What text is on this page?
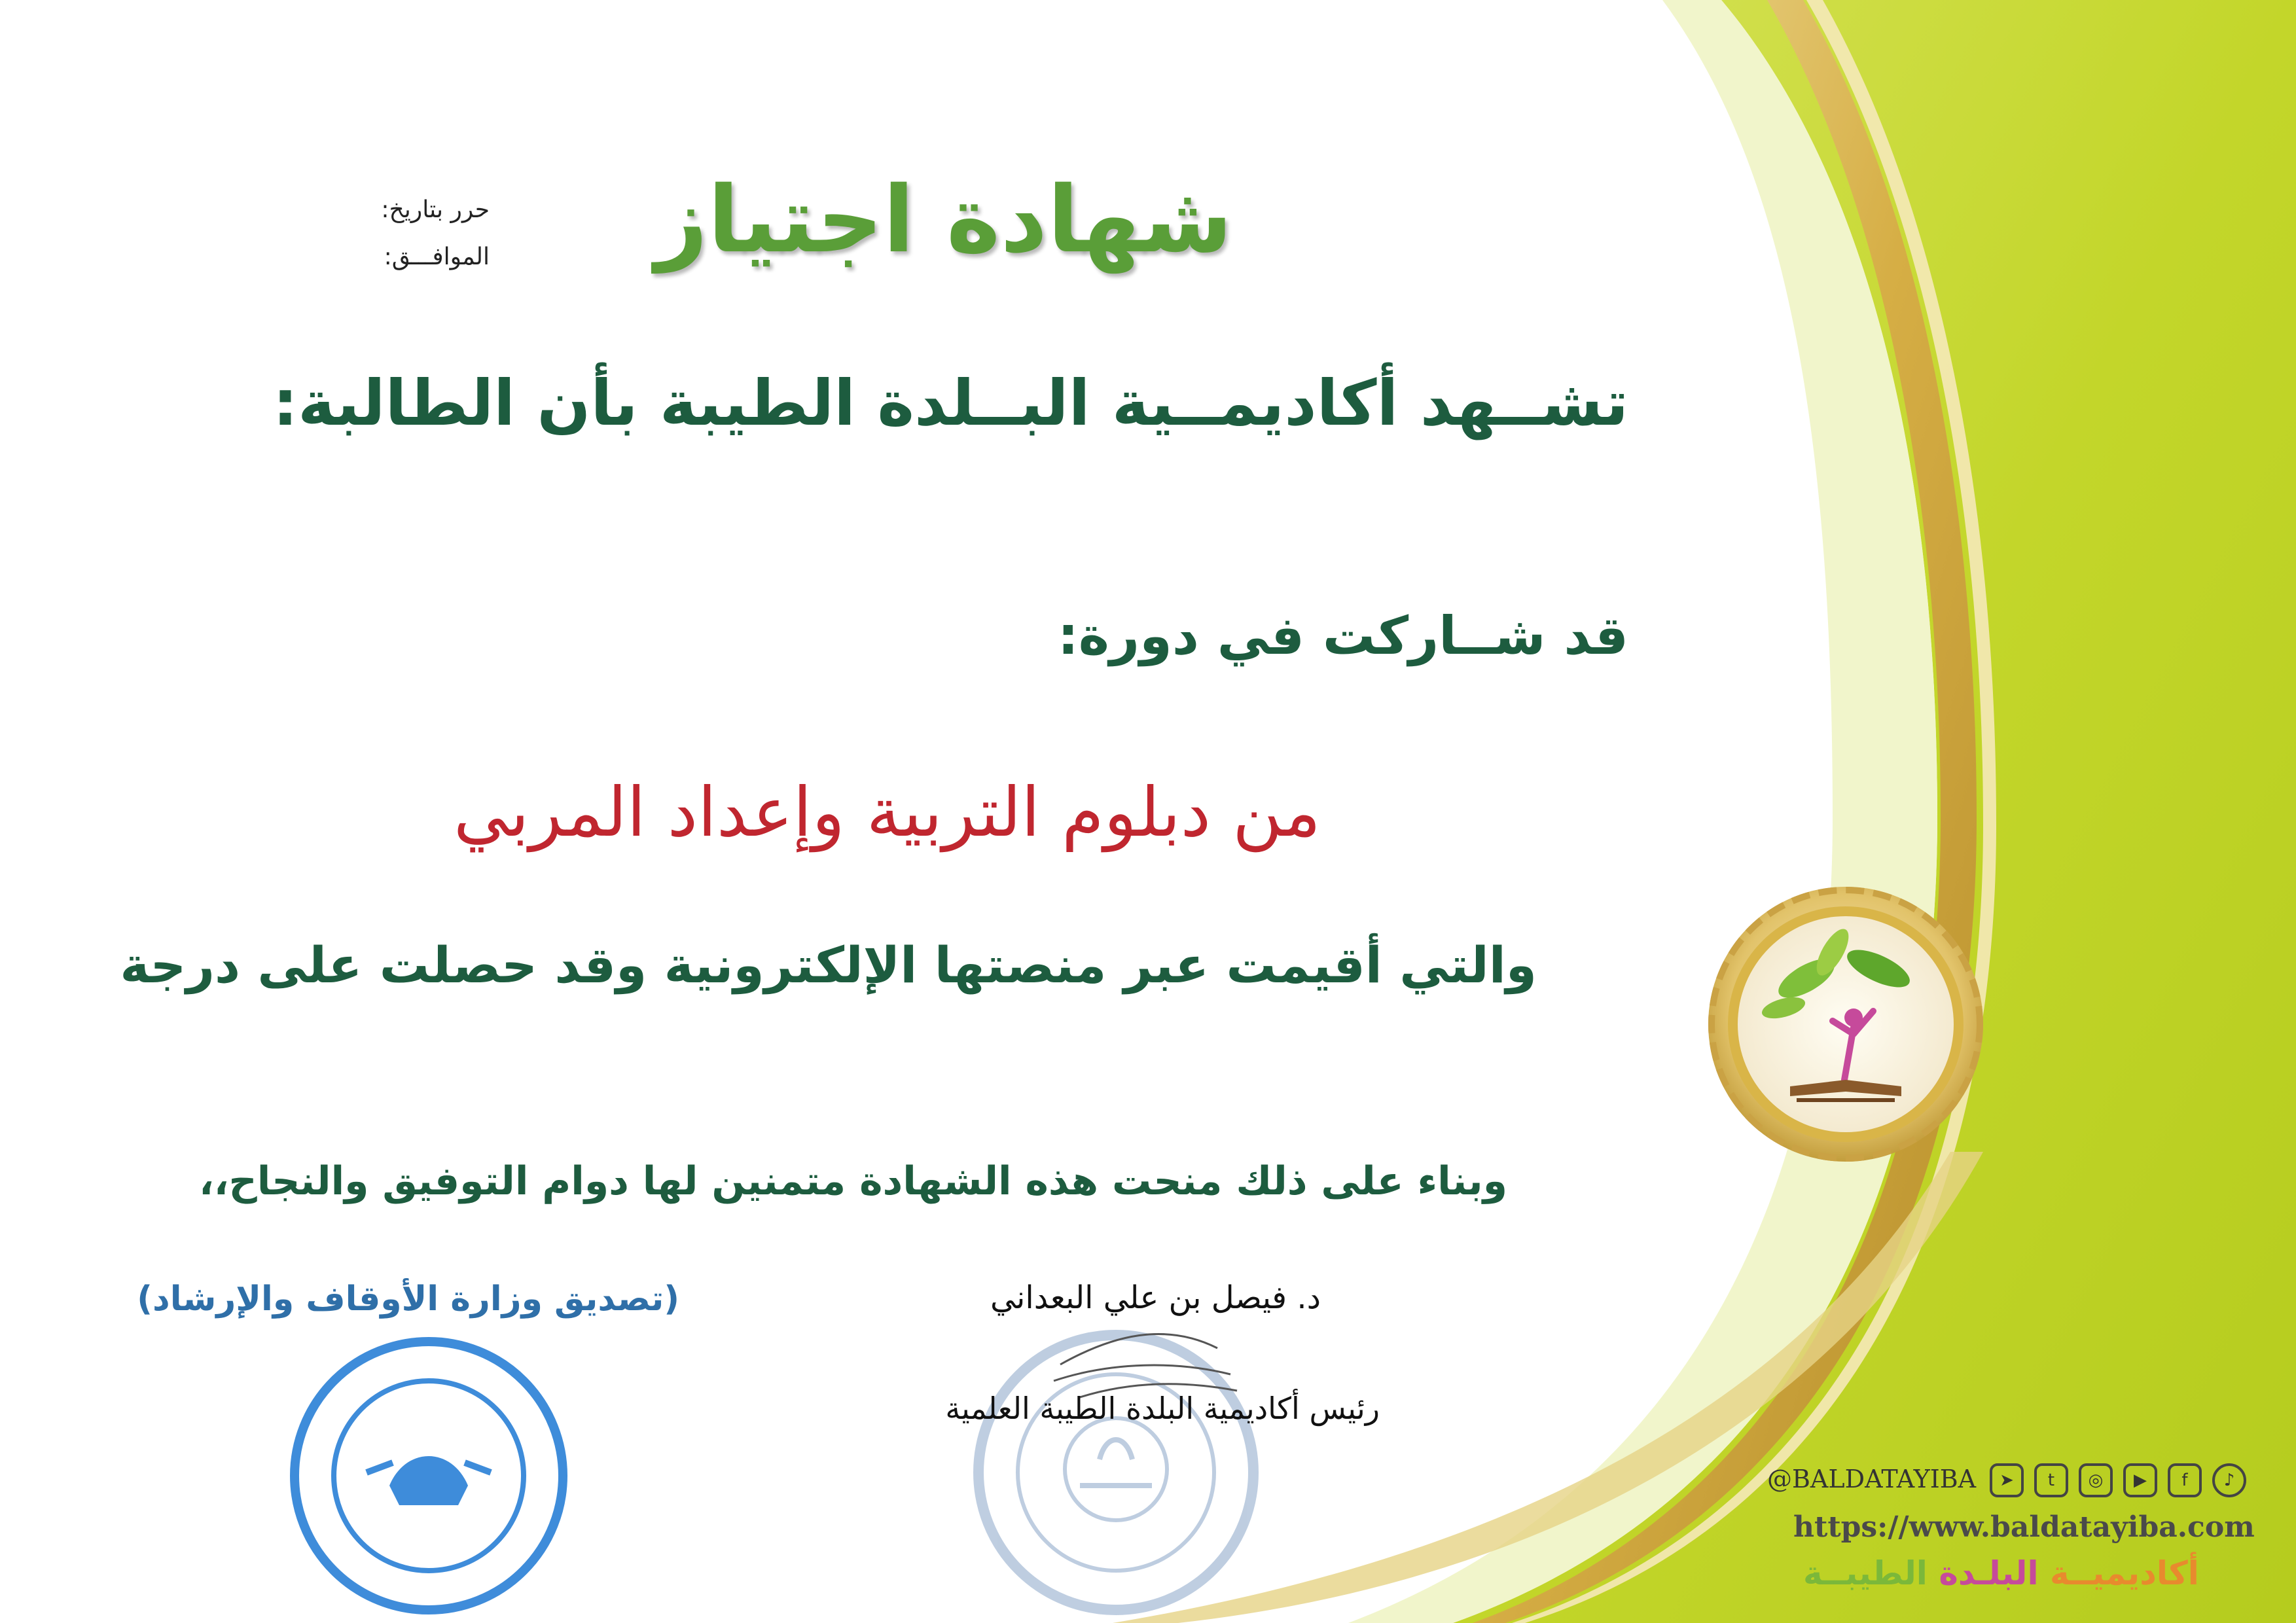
حرر بتاريخ:
الموافـــق: شهادة اجتياز
تشــهد أكاديمــية البــلدة الطيبة بأن الطالبة:
قد شــاركت في دورة:
من دبلوم التربية وإعداد المربي
والتي أقيمت عبر منصتها الإلكترونية وقد حصلت على درجة
وبناء على ذلك منحت هذه الشهادة متمنين لها دوام التوفيق والنجاح،،
(تصديق وزارة الأوقاف والإرشاد)	د. فيصل بن علي البعداني
رئيس أكاديمية البلدة الطيبة العلمية
@BALDATAYIBA	➤	t	◎	▶	f	♪
https://www.baldatayiba.com
أكاديميــة البلـدة الطيبــة
